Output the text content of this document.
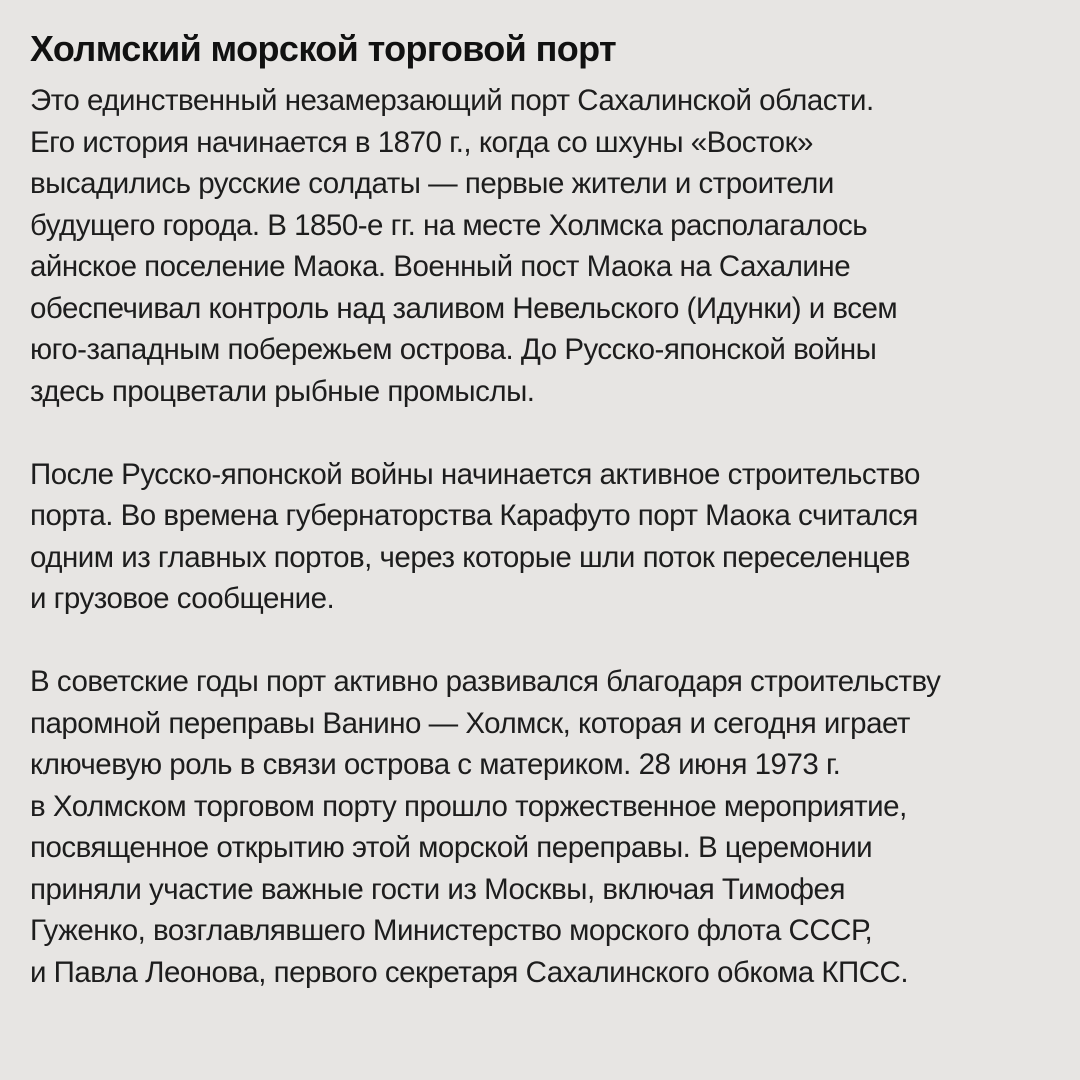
Холмский морской торговой порт

Это единственный незамерзающий порт Сахалинской области.
Его история начинается в 1870 г., когда со шхуны «Восток»
высадились русские солдаты — первые жители и строители
будущего города. В 1850-е гг. на месте Холмска располагалось
айнское поселение Маока. Военный пост Маока на Сахалине
обеспечивал контроль над заливом Невельского (Идунки) и всем
юго-западным побережьем острова. До Русско-японской войны
здесь процветали рыбные промыслы.

После Русско-японской войны начинается активное строительство
порта. Во времена губернаторства Карафуто порт Маока считался
одним из главных портов, через которые шли поток переселенцев
и грузовое сообщение.

В советские годы порт активно развивался благодаря строительству
паромной переправы Ванино — Холмск, которая и сегодня играет
ключевую роль в связи острова с материком. 28 июня 1973 г.
в Холмском торговом порту прошло торжественное мероприятие,
посвященное открытию этой морской переправы. В церемонии
приняли участие важные гости из Москвы, включая Тимофея
Гуженко, возглавлявшего Министерство морского флота СССР,
и Павла Леонова, первого секретаря Сахалинского обкома КПСС.
